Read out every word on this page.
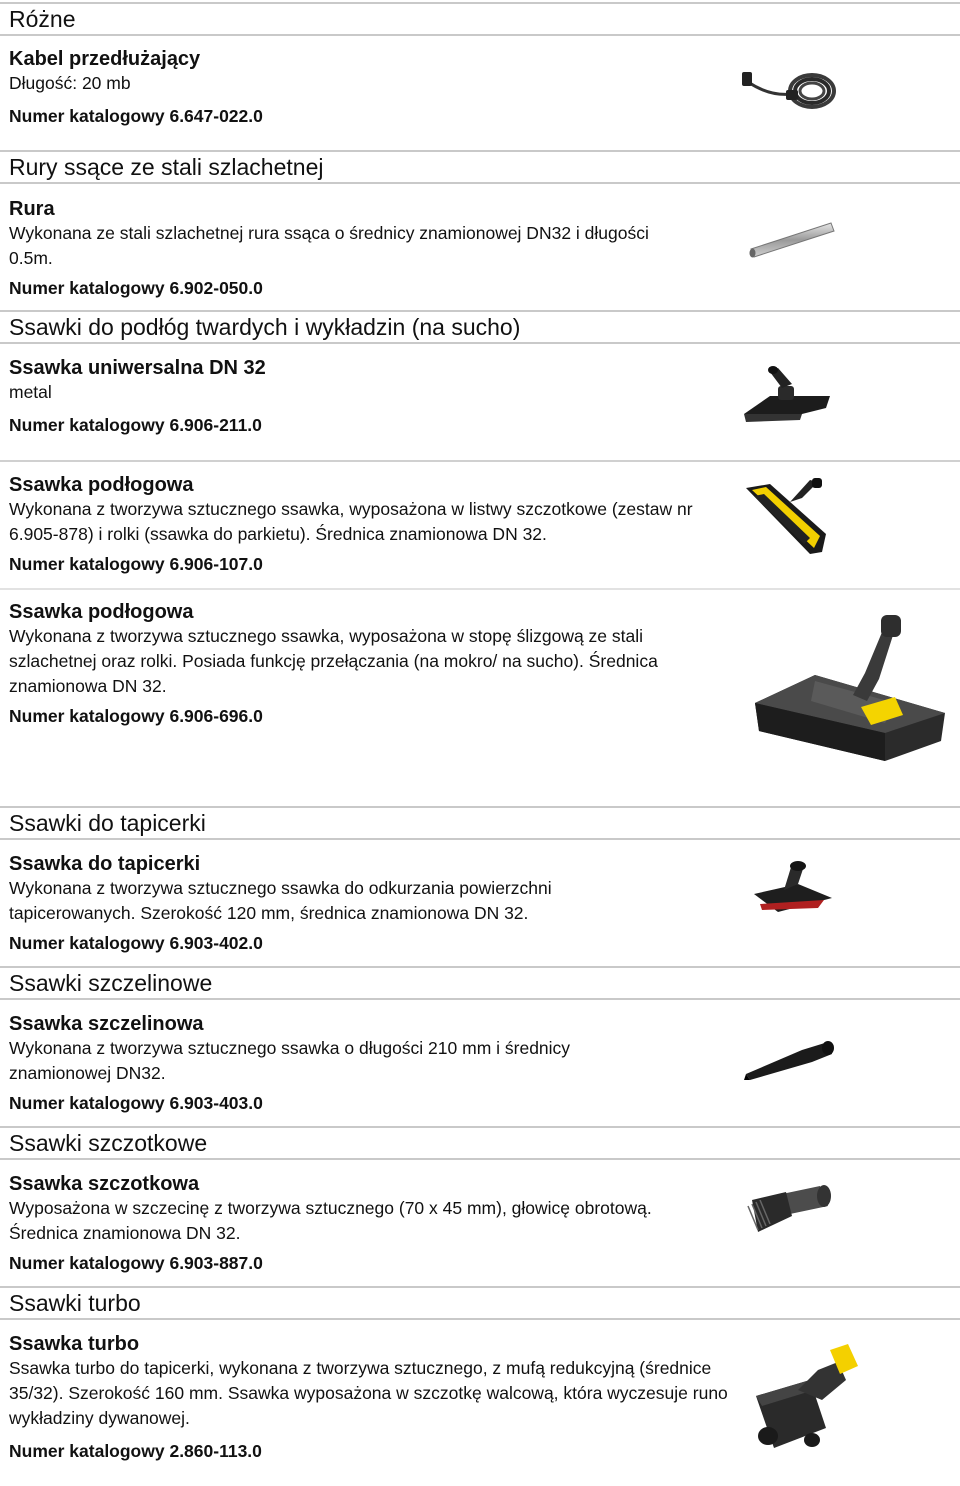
Różne
Kabel przedłużający
Długość: 20 mb
Numer katalogowy 6.647-022.0
Rury ssące ze stali szlachetnej
Rura
Wykonana ze stali szlachetnej rura ssąca o średnicy znamionowej DN32 i długości 0.5m.
Numer katalogowy 6.902-050.0
Ssawki do podłóg twardych i wykładzin (na sucho)
Ssawka uniwersalna DN 32
metal
Numer katalogowy 6.906-211.0
Ssawka podłogowa
Wykonana z tworzywa sztucznego ssawka, wyposażona w listwy szczotkowe (zestaw nr 6.905-878) i rolki (ssawka do parkietu). Średnica znamionowa DN 32.
Numer katalogowy 6.906-107.0
Ssawka podłogowa
Wykonana z tworzywa sztucznego ssawka, wyposażona w stopę ślizgową ze stali szlachetnej oraz rolki. Posiada funkcję przełączania (na mokro/ na sucho). Średnica znamionowa DN 32.
Numer katalogowy 6.906-696.0
Ssawki do tapicerki
Ssawka do tapicerki
Wykonana z tworzywa sztucznego ssawka do odkurzania powierzchni tapicerowanych. Szerokość 120 mm, średnica znamionowa DN 32.
Numer katalogowy 6.903-402.0
Ssawki szczelinowe
Ssawka szczelinowa
Wykonana z tworzywa sztucznego ssawka o długości 210 mm i średnicy znamionowej DN32.
Numer katalogowy 6.903-403.0
Ssawki szczotkowe
Ssawka szczotkowa
Wyposażona w szczecinę z tworzywa sztucznego (70 x 45 mm), głowicę obrotową. Średnica znamionowa DN 32.
Numer katalogowy 6.903-887.0
Ssawki turbo
Ssawka turbo
Ssawka turbo do tapicerki, wykonana z tworzywa sztucznego, z mufą redukcyjną (średnice 35/32). Szerokość 160 mm. Ssawka wyposażona w szczotkę walcową, która wyczesuje runo wykładziny dywanowej.
Numer katalogowy 2.860-113.0
